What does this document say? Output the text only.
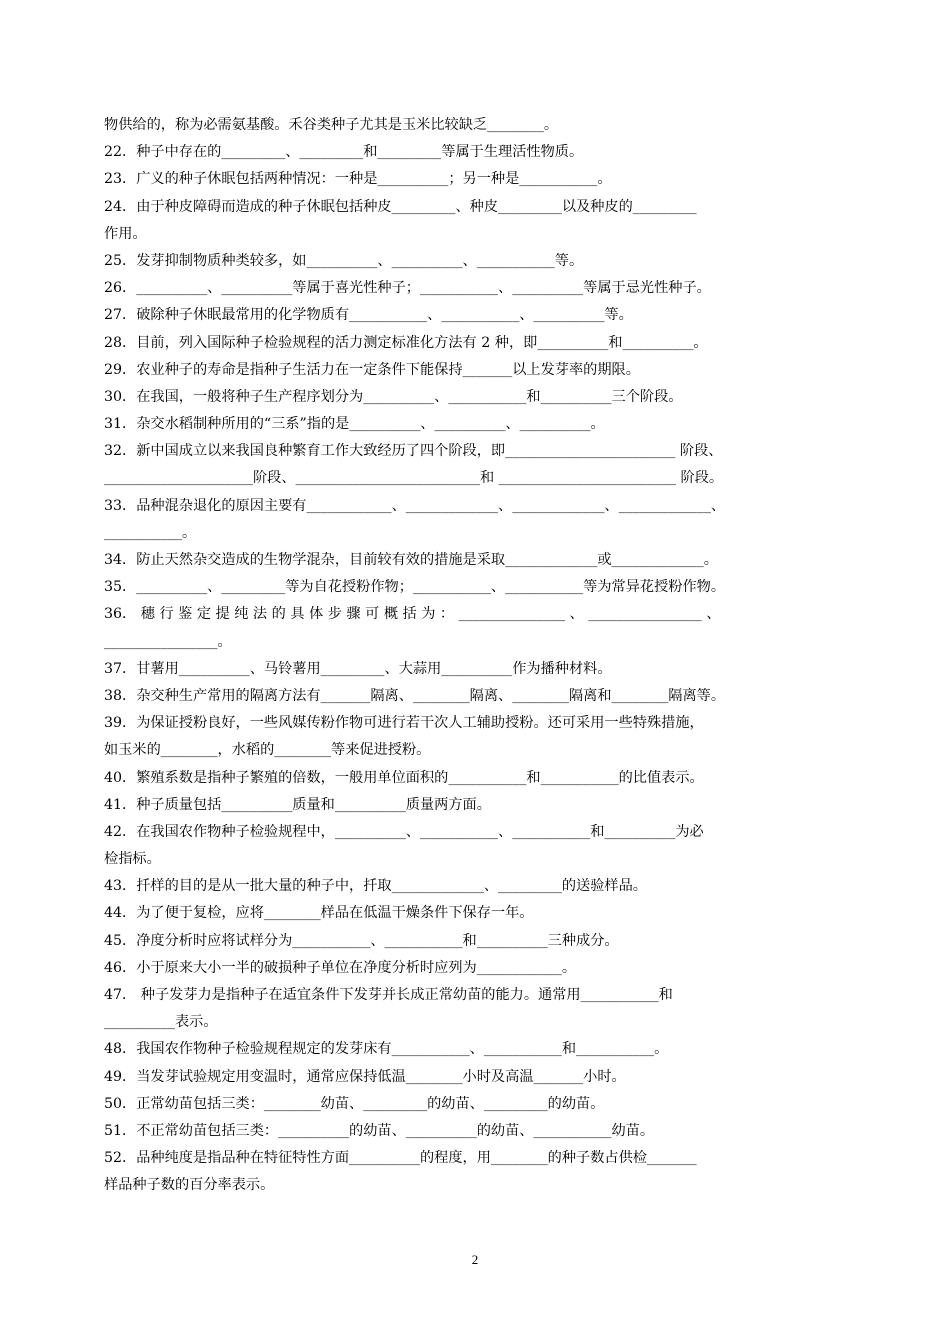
物供给的，称为必需氨基酸。禾谷类种子尤其是玉米比较缺乏________。
22．种子中存在的_________、_________和_________等属于生理活性物质。
23．广义的种子休眠包括两种情况：一种是__________；另一种是___________。
24．由于种皮障碍而造成的种子休眠包括种皮_________、种皮_________以及种皮的_________
作用。
25．发芽抑制物质种类较多，如__________、__________、___________等。
26．__________、__________等属于喜光性种子；___________、__________等属于忌光性种子。
27．破除种子休眠最常用的化学物质有___________、___________、__________等。
28．目前，列入国际种子检验规程的活力测定标准化方法有 2 种，即__________和__________。
29．农业种子的寿命是指种子生活力在一定条件下能保持_______以上发芽率的期限。
30．在我国，一般将种子生产程序划分为__________、___________和__________三个阶段。
31．杂交水稻制种所用的“三系”指的是__________、__________、__________。
32．新中国成立以来我国良种繁育工作大致经历了四个阶段，即________________________ 阶段、
_____________________阶段、__________________________和 _________________________ 阶段。
33．品种混杂退化的原因主要有____________、_____________、_____________、_____________、
___________。
34．防止天然杂交造成的生物学混杂，目前较有效的措施是采取_____________或_____________。
35．__________、_________等为自花授粉作物；___________、___________等为常异花授粉作物。
36． 穗 行 鉴 定 提 纯 法 的 具 体 步 骤 可 概 括 为 ： _______________ 、 ________________ 、
________________。
37．甘薯用__________、马铃薯用_________、大蒜用__________作为播种材料。
38．杂交种生产常用的隔离方法有_______隔离、________隔离、________隔离和________隔离等。
39．为保证授粉良好，一些风媒传粉作物可进行若干次人工辅助授粉。还可采用一些特殊措施，
如玉米的________，水稻的________等来促进授粉。
40．繁殖系数是指种子繁殖的倍数，一般用单位面积的___________和___________的比值表示。
41．种子质量包括__________质量和__________质量两方面。
42．在我国农作物种子检验规程中，__________、___________、___________和__________为必
检指标。
43．扦样的目的是从一批大量的种子中，扦取_____________、_________的送验样品。
44．为了便于复检，应将________样品在低温干燥条件下保存一年。
45．净度分析时应将试样分为___________、___________和__________三种成分。
46．小于原来大小一半的破损种子单位在净度分析时应列为____________。
47． 种子发芽力是指种子在适宜条件下发芽并长成正常幼苗的能力。通常用___________和
__________表示。
48．我国农作物种子检验规程规定的发芽床有___________、___________和___________。
49．当发芽试验规定用变温时，通常应保持低温________小时及高温_______小时。
50．正常幼苗包括三类：________幼苗、_________的幼苗、_________的幼苗。
51．不正常幼苗包括三类：__________的幼苗、__________的幼苗、___________幼苗。
52．品种纯度是指品种在特征特性方面__________的程度，用________的种子数占供检_______
样品种子数的百分率表示。
2
